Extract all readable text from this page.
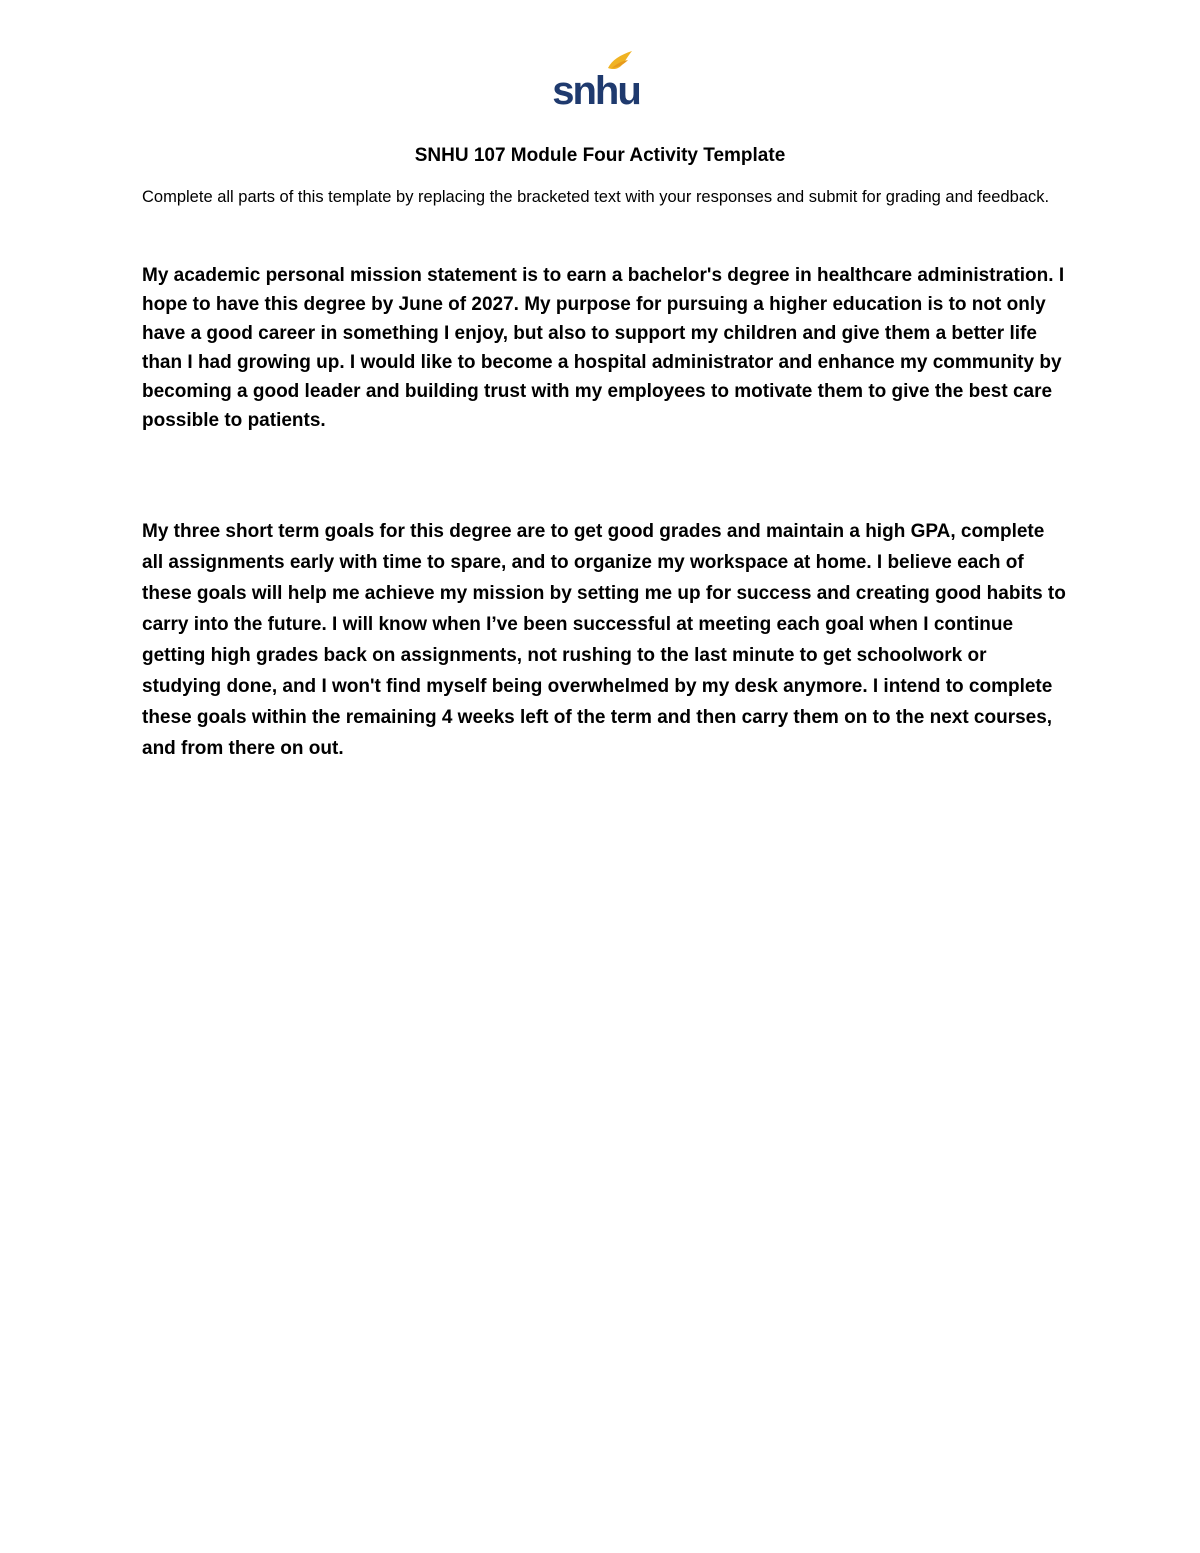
snhu
SNHU 107 Module Four Activity Template

Complete all parts of this template by replacing the bracketed text with your responses and submit for grading and feedback.

My academic personal mission statement is to earn a bachelor's degree in healthcare administration. I hope to have this degree by June of 2027. My purpose for pursuing a higher education is to not only have a good career in something I enjoy, but also to support my children and give them a better life than I had growing up. I would like to become a hospital administrator and enhance my community by becoming a good leader and building trust with my employees to motivate them to give the best care possible to patients.

My three short term goals for this degree are to get good grades and maintain a high GPA, complete all assignments early with time to spare, and to organize my workspace at home. I believe each of these goals will help me achieve my mission by setting me up for success and creating good habits to carry into the future. I will know when I’ve been successful at meeting each goal when I continue getting high grades back on assignments, not rushing to the last minute to get schoolwork or studying done, and I won't find myself being overwhelmed by my desk anymore. I intend to complete these goals within the remaining 4 weeks left of the term and then carry them on to the next courses, and from there on out.
